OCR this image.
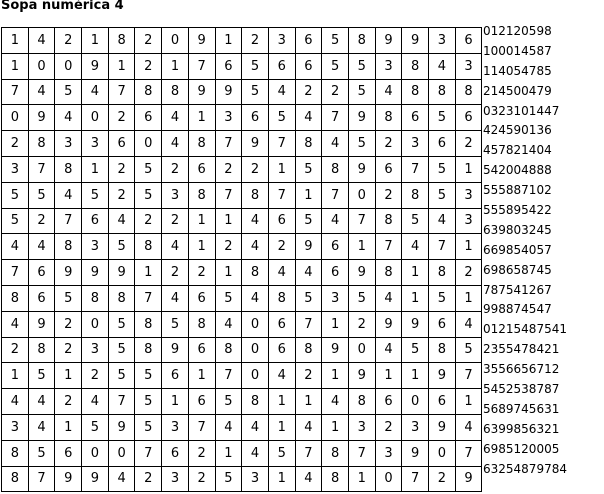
Sopa numérica 4
1	4	2	1	8	2	0	9	1	2	3	6	5	8	9	9	3	6
1	0	0	9	1	2	1	7	6	5	6	6	5	5	3	8	4	3
7	4	5	4	7	8	8	9	9	5	4	2	2	5	4	8	8	8
0	9	4	0	2	6	4	1	3	6	5	4	7	9	8	6	5	6
2	8	3	3	6	0	4	8	7	9	7	8	4	5	2	3	6	2
3	7	8	1	2	5	2	6	2	2	1	5	8	9	6	7	5	1
5	5	4	5	2	5	3	8	7	8	7	1	7	0	2	8	5	3
5	2	7	6	4	2	2	1	1	4	6	5	4	7	8	5	4	3
4	4	8	3	5	8	4	1	2	4	2	9	6	1	7	4	7	1
7	6	9	9	9	1	2	2	1	8	4	4	6	9	8	1	8	2
8	6	5	8	8	7	4	6	5	4	8	5	3	5	4	1	5	1
4	9	2	0	5	8	5	8	4	0	6	7	1	2	9	9	6	4
2	8	2	3	5	8	9	6	8	0	6	8	9	0	4	5	8	5
1	5	1	2	5	5	6	1	7	0	4	2	1	9	1	1	9	7
4	4	2	4	7	5	1	6	5	8	1	1	4	8	6	0	6	1
3	4	1	5	9	5	3	7	4	4	1	4	1	3	2	3	9	4
8	5	6	0	0	7	6	2	1	4	5	7	8	7	3	9	0	7
8	7	9	9	4	2	3	2	5	3	1	4	8	1	0	7	2	9
012120598
100014587
114054785
214500479
0323101447
424590136
457821404
542004888
555887102
555895422
639803245
669854057
698658745
787541267
998874547
01215487541
2355478421
3556656712
5452538787
5689745631
6399856321
6985120005
63254879784
